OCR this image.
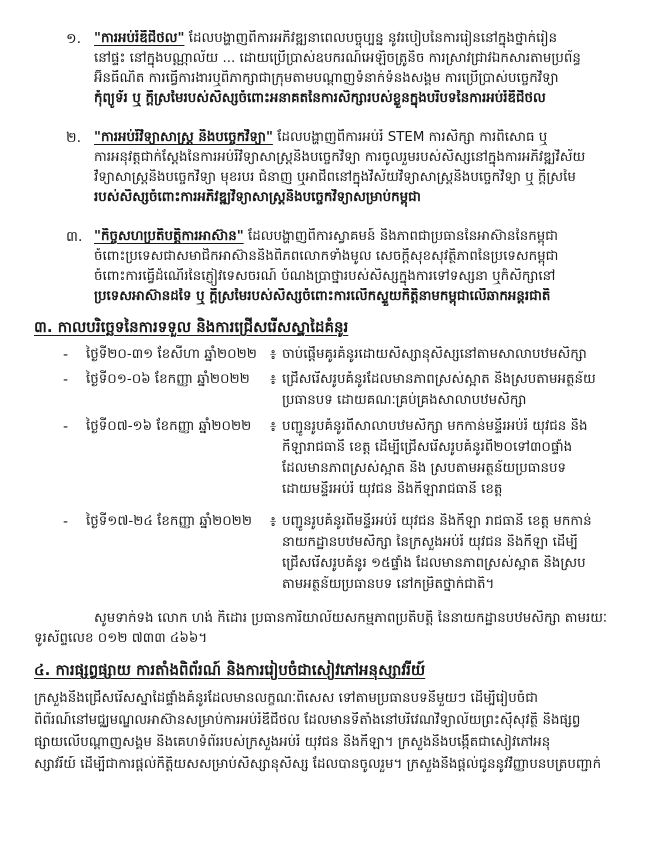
១. "ការអប់រំឌីជីថល" ដែលបង្ហាញពីការអភិវឌ្ឍនាពេលបច្ចុប្បន្ន នូវរបៀបនៃការរៀននៅក្នុងថ្នាក់រៀន
នៅផ្ទះ នៅក្នុងបណ្ណាល័យ ... ដោយប្រើប្រាស់ឧបករណ៍អេឡិចត្រូនិច ការស្រាវជ្រាវឯកសារតាមប្រព័ន្ធ
អ៊ីនធឺណិត ការធ្វើការងារឬពិភាក្សាជាក្រុមតាមបណ្តាញទំនាក់ទំនងសង្គម ការប្រើប្រាស់បច្ចេកវិទ្យា
កុំព្យូទ័រ ឬ ក្តីស្រមៃរបស់សិស្សចំពោះអនាគតនៃការសិក្សារបស់ខ្លួនក្នុងបរិបទនៃការអប់រំឌីជីថល
២. "ការអប់រំវិទ្យាសាស្ត្រ និងបច្ចេកវិទ្យា" ដែលបង្ហាញពីការអប់រំ STEM ការសិក្សា ការពិសោធ ឬ
ការអនុវត្តជាក់ស្តែងនៃការអប់រំវិទ្យាសាស្ត្រនិងបច្ចេកវិទ្យា ការចូលរួមរបស់សិស្សនៅក្នុងការអភិវឌ្ឍវិស័យ
វិទ្យាសាស្ត្រនិងបច្ចេកវិទ្យា មុខរបរ ជំនាញ ឬអាជីពនៅក្នុងវិស័យវិទ្យាសាស្ត្រនិងបច្ចេកវិទ្យា ឬ ក្តីស្រមៃ
របស់សិស្សចំពោះការអភិវឌ្ឍវិទ្យាសាស្ត្រនិងបច្ចេកវិទ្យាសម្រាប់កម្ពុជា
៣. "កិច្ចសហប្រតិបត្តិការអាស៊ាន" ដែលបង្ហាញពីការស្វាគមន៍ និងភាពជាប្រធាននៃអាស៊ាននៃកម្ពុជា
ចំពោះប្រទេសជាសមាជិកអាស៊ាននិងពិភពលោកទាំងមូល សេចក្តីសុខសុវត្ថិភាពនៃប្រទេសកម្ពុជា
ចំពោះការធ្វើដំណើរនៃភ្ញៀវទេសចរណ៍ បំណងប្រាថ្នារបស់សិស្សក្នុងការទៅទស្សនា ឬក៏សិក្សានៅ
ប្រទេសអាស៊ានដទៃ ឬ ក្តីស្រមៃរបស់សិស្សចំពោះការលើកស្ទួយកិត្តិនាមកម្ពុជាលើឆាកអន្តរជាតិ
៣. កាលបរិច្ឆេទនៃការទទួល និងការជ្រើសរើសស្នាដៃគំនូរ
- ថ្ងៃទី២០-៣១ ខែសីហា ឆ្នាំ២០២២ ៖ ចាប់ផ្តើមគូរគំនូរដោយសិស្សានុសិស្សនៅតាមសាលាបឋមសិក្សា
- ថ្ងៃទី០១-០៦ ខែកញ្ញា ឆ្នាំ២០២២ ៖ ជ្រើសរើសរូបគំនូរដែលមានភាពស្រស់ស្អាត និងស្របតាមអត្ថន័យ
ប្រធានបទ ដោយគណៈគ្រប់គ្រងសាលាបឋមសិក្សា
- ថ្ងៃទី០៧-១៦ ខែកញ្ញា ឆ្នាំ២០២២ ៖ បញ្ជូនរូបគំនូរពីសាលាបឋមសិក្សា មកកាន់មន្ទីរអប់រំ យុវជន និង
កីឡារាជធានី ខេត្ត ដើម្បីជ្រើសរើសរូបគំនូរពី២០ទៅ៣០ផ្ទាំង
ដែលមានភាពស្រស់ស្អាត និង ស្របតាមអត្ថន័យប្រធានបទ
ដោយមន្ទីរអប់រំ យុវជន និងកីឡារាជធានី ខេត្ត
- ថ្ងៃទី១៧-២៤ ខែកញ្ញា ឆ្នាំ២០២២ ៖ បញ្ជូនរូបគំនូរពីមន្ទីរអប់រំ យុវជន និងកីឡា រាជធានី ខេត្ត មកកាន់
នាយកដ្ឋានបឋមសិក្សា នៃក្រសួងអប់រំ យុវជន និងកីឡា ដើម្បី
ជ្រើសរើសរូបគំនូរ ១៥ផ្ទាំង ដែលមានភាពស្រស់ស្អាត និងស្រប
តាមអត្ថន័យប្រធានបទ នៅកម្រិតថ្នាក់ជាតិ។
សូមទាក់ទង លោក ហង់ កិដោរ ប្រធានការិយាល័យសកម្មភាពប្រតិបត្តិ នៃនាយកដ្ឋានបឋមសិក្សា តាមរយៈ
ទូរស័ព្ទលេខ ០១២ ៧៣៣ ៤៦៦។
៤. ការផ្សព្វផ្សាយ ការតាំងពិព័រណ៍ និងការរៀបចំជាសៀវភៅអនុស្សាវរីយ៍
ក្រសួងនឹងជ្រើសរើសស្នាដៃផ្ទាំងគំនូរដែលមានលក្ខណៈពិសេស ទៅតាមប្រធានបទនីមួយៗ ដើម្បីរៀបចំជា
ពិព័រណ៍នៅមជ្ឈមណ្ឌលអាស៊ានសម្រាប់ការអប់រំឌីជីថល ដែលមានទីតាំងនៅបរិវេណវិទ្យាល័យព្រះស៊ីសុវត្ថិ និងផ្សព្វ
ផ្សាយលើបណ្តាញសង្គម និងគេហទំព័ររបស់ក្រសួងអប់រំ យុវជន និងកីឡា។ ក្រសួងនឹងបង្កើតជាសៀវភៅអនុ
ស្សាវរីយ៍ ដើម្បីជាការផ្តល់កិត្តិយសសម្រាប់សិស្សានុសិស្ស ដែលបានចូលរួម។ ក្រសួងនឹងផ្តល់ជូននូវវិញ្ញាបនបត្របញ្ជាក់
